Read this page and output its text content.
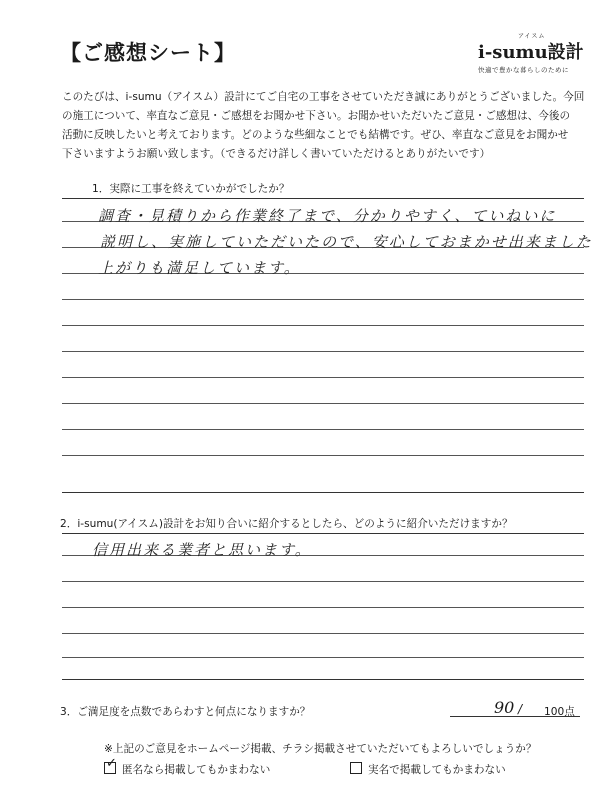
【ご感想シート】
アイスム
i-sumu設計
快適で豊かな暮らしのために
このたびは、i-sumu（アイスム）設計にてご自宅の工事をさせていただき誠にありがとうございました。今回
の施工について、率直なご意見・ご感想をお聞かせ下さい。お聞かせいただいたご意見・ご感想は、今後の
活動に反映したいと考えております。どのような些細なことでも結構です。ぜひ、率直なご意見をお聞かせ
下さいますようお願い致します。（できるだけ詳しく書いていただけるとありがたいです）
1．実際に工事を終えていかがでしたか？
調査・見積りから作業終了まで、分かりやすく、ていねいに
説明し、実施していただいたので、安心しておまかせ出来ました
上がりも満足しています。
2．i-sumu(アイスム)設計をお知り合いに紹介するとしたら、どのように紹介いただけますか？
信用出来る業者と思います。
3．ご満足度を点数であらわすと何点になりますか？	90 / 100点
※上記のご意見をホームページ掲載、チラシ掲載させていただいてもよろしいでしょうか？
✓ 匿名なら掲載してもかまわない	実名で掲載してもかまわない
